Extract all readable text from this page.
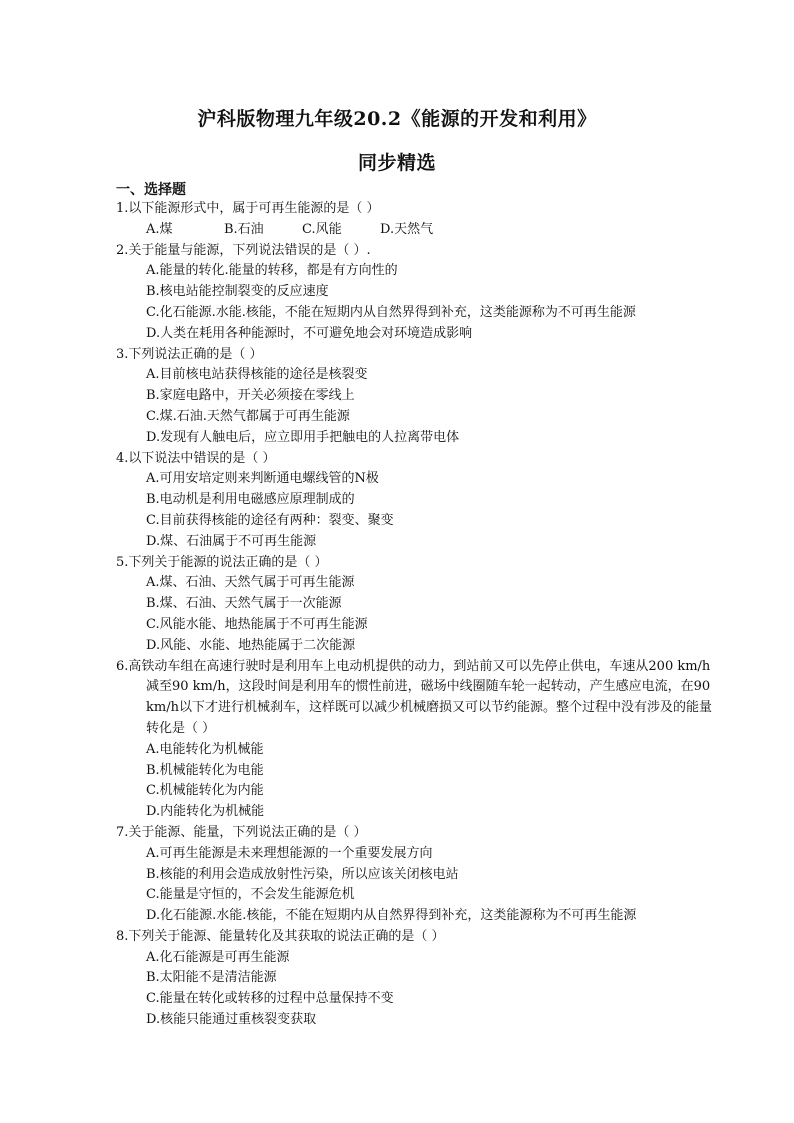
沪科版物理九年级20.2《能源的开发和利用》
同步精选
一、选择题
1.以下能源形式中，属于可再生能源的是（ ）
A.煤	B.石油	C.风能	D.天然气
2.关于能量与能源，下列说法错误的是（ ）.
A.能量的转化.能量的转移，都是有方向性的
B.核电站能控制裂变的反应速度
C.化石能源.水能.核能，不能在短期内从自然界得到补充，这类能源称为不可再生能源
D.人类在耗用各种能源时，不可避免地会对环境造成影响
3.下列说法正确的是（ ）
A.目前核电站获得核能的途径是核裂变
B.家庭电路中，开关必须接在零线上
C.煤.石油.天然气都属于可再生能源
D.发现有人触电后，应立即用手把触电的人拉离带电体
4.以下说法中错误的是（ ）
A.可用安培定则来判断通电螺线管的N极
B.电动机是利用电磁感应原理制成的
C.目前获得核能的途径有两种：裂变、聚变
D.煤、石油属于不可再生能源
5.下列关于能源的说法正确的是（ ）
A.煤、石油、天然气属于可再生能源
B.煤、石油、天然气属于一次能源
C.风能水能、地热能属于不可再生能源
D.风能、水能、地热能属于二次能源
6.高铁动车组在高速行驶时是利用车上电动机提供的动力，到站前又可以先停止供电，车速从200 km/h减至90 km/h，这段时间是利用车的惯性前进，磁场中线圈随车轮一起转动，产生感应电流，在90 km/h以下才进行机械刹车，这样既可以减少机械磨损又可以节约能源。整个过程中没有涉及的能量转化是（ ）
A.电能转化为机械能
B.机械能转化为电能
C.机械能转化为内能
D.内能转化为机械能
7.关于能源、能量，下列说法正确的是（ ）
A.可再生能源是未来理想能源的一个重要发展方向
B.核能的利用会造成放射性污染，所以应该关闭核电站
C.能量是守恒的，不会发生能源危机
D.化石能源.水能.核能，不能在短期内从自然界得到补充，这类能源称为不可再生能源
8.下列关于能源、能量转化及其获取的说法正确的是（ ）
A.化石能源是可再生能源
B.太阳能不是清洁能源
C.能量在转化或转移的过程中总量保持不变
D.核能只能通过重核裂变获取
